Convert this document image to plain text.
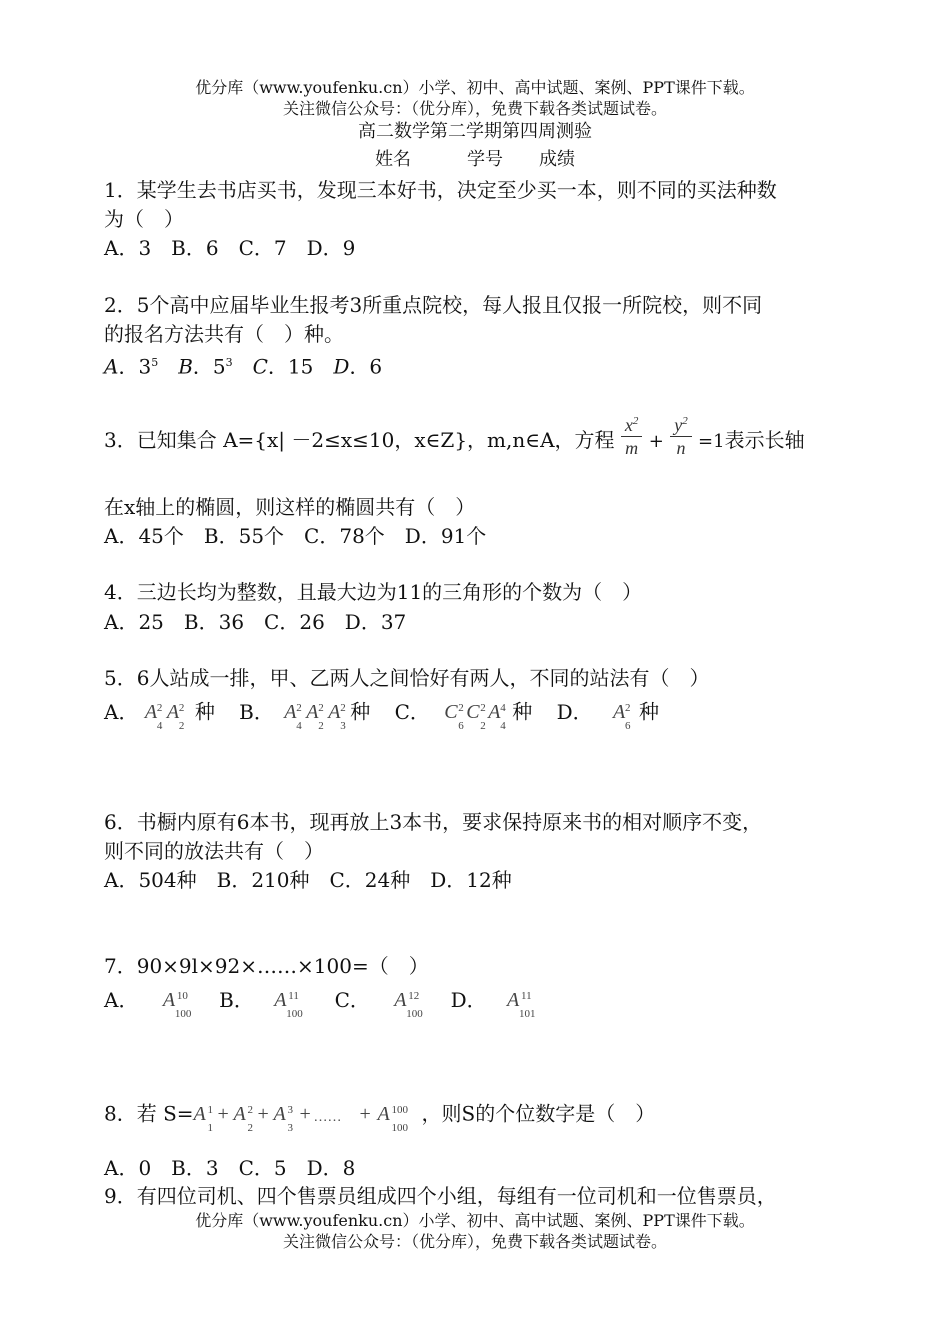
优分库（www.youfenku.cn）小学、初中、高中试题、案例、PPT课件下载。
关注微信公众号：（优分库），免费下载各类试题试卷。
高二数学第二学期第四周测验
姓名	学号 成绩
1．某学生去书店买书，发现三本好书，决定至少买一本，则不同的买法种数
为（　）
A．3　B．6　C．7　D．9
2．5个高中应届毕业生报考3所重点院校，每人报且仅报一所院校，则不同
的报名方法共有（　）种。
A．$3^5$　 B．$5^3$　 C．15　D．6
3．已知集合 A={x| －2≤x≤10，x∈Z}，m,n∈A，方程 $\frac{x^2}{m} + \frac{y^2}{n} =1$表示长轴
在x轴上的椭圆，则这样的椭圆共有（　）
A．45个　B．55个　C．78个　D．91个
4．三边长均为整数，且最大边为11的三角形的个数为（　）
A．25　B．36　C．26　D．37
5．6人站成一排，甲、乙两人之间恰好有两人，不同的站法有（　）
A． A 2
4
A 2
2
种 B． A 2
4
A 2
2
A 2
3
种 C． C 2
6
C 2
2
A 4
4
种 D． A 2
6
种
6．书橱内原有6本书，现再放上3本书，要求保持原来书的相对顺序不变，
则不同的放法共有（　）
A．504种　B．210种　C．24种　D．12种
7．90×9l×92×……×100=（　）
A． A 10
100
B． A 11
100
C． A 12
100
D． A 11
101
8．若 S= A 1
1
+ A 2
2
+ A 3
3
+ …… + A 100
100
，则S的个位数字是（　）
A．0　B．3　C．5　D．8
9．有四位司机、四个售票员组成四个小组，每组有一位司机和一位售票员，
优分库（www.youfenku.cn）小学、初中、高中试题、案例、PPT课件下载。
关注微信公众号：（优分库），免费下载各类试题试卷。
